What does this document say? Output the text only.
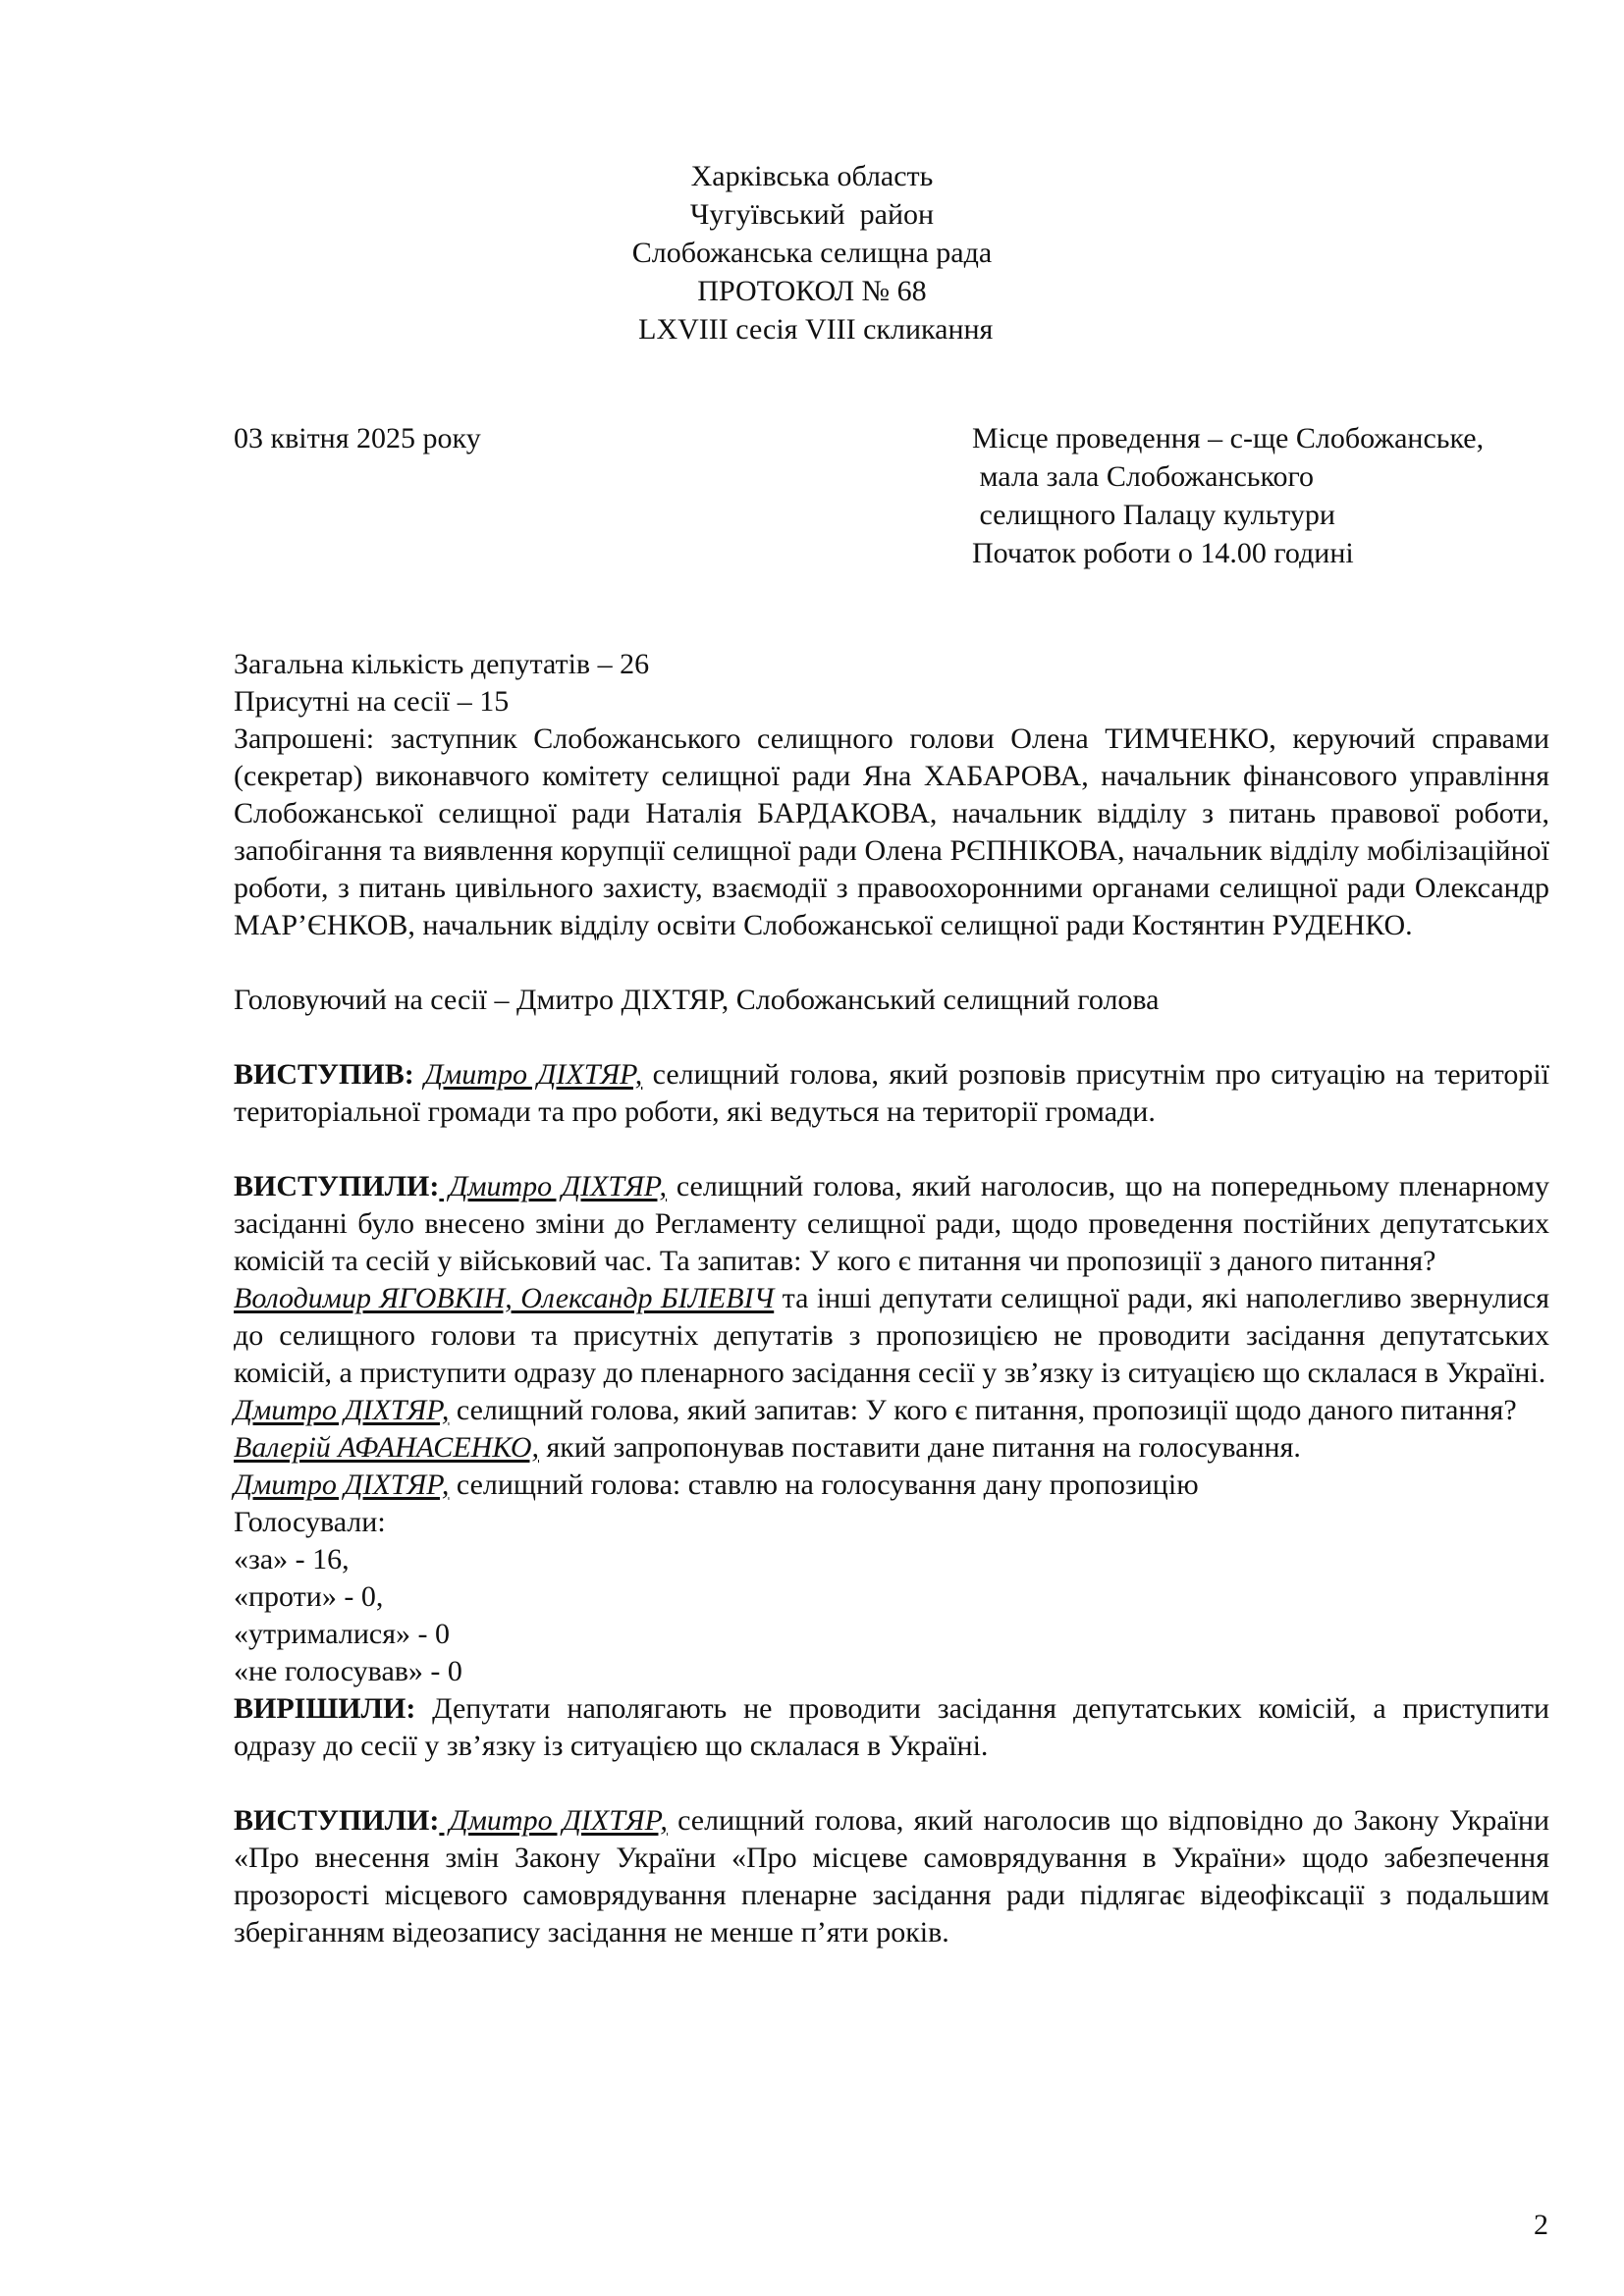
Харківська область
Чугуївський  район
Слобожанська селищна рада
ПРОТОКОЛ № 68
LXVIII сесія VIII скликання
03 квітня 2025 року	Місце проведення – с-ще Слобожанське,
мала зала Слобожанського
селищного Палацу культури
Початок роботи о 14.00 годині

Загальна кількість депутатів – 26

Присутні на сесії – 15

Запрошені: заступник Слобожанського селищного голови Олена ТИМЧЕНКО, керуючий справами (секретар) виконавчого комітету селищної ради Яна ХАБАРОВА, начальник фінансового управління Слобожанської селищної ради Наталія БАРДАКОВА, начальник відділу з питань правової роботи, запобігання та виявлення корупції селищної ради Олена РЄПНІКОВА, начальник відділу мобілізаційної роботи, з питань цивільного захисту, взаємодії з правоохоронними органами селищної ради Олександр МАР’ЄНКОВ, начальник відділу освіти Слобожанської селищної ради Костянтин РУДЕНКО.

Головуючий на сесії – Дмитро ДІХТЯР, Слобожанський селищний голова

ВИСТУПИВ: Дмитро ДІХТЯР, селищний голова, який розповів присутнім про ситуацію на території територіальної громади та про роботи, які ведуться на території громади.

ВИСТУПИЛИ: Дмитро ДІХТЯР, селищний голова, який наголосив, що на попередньому пленарному засіданні було внесено зміни до Регламенту селищної ради, щодо проведення постійних депутатських комісій та сесій у військовий час. Та запитав: У кого є питання чи пропозиції з даного питання?

Володимир ЯГОВКІН, Олександр БІЛЕВІЧ та інші депутати селищної ради, які наполегливо звернулися до селищного голови та присутніх депутатів з пропозицією не проводити засідання депутатських комісій, а приступити одразу до пленарного засідання сесії у зв’язку із ситуацією що склалася в Україні.

Дмитро ДІХТЯР, селищний голова, який запитав: У кого є питання, пропозиції щодо даного питання?

Валерій АФАНАСЕНКО, який запропонував поставити дане питання на голосування.

Дмитро ДІХТЯР, селищний голова: ставлю на голосування дану пропозицію

Голосували:

«за» - 16,

«проти» - 0,

«утрималися» - 0

«не голосував» - 0

ВИРІШИЛИ: Депутати наполягають не проводити засідання депутатських комісій, а приступити одразу до сесії у зв’язку із ситуацією що склалася в Україні.

ВИСТУПИЛИ: Дмитро ДІХТЯР, селищний голова, який наголосив що відповідно до Закону України «Про внесення змін Закону України «Про місцеве самоврядування в України» щодо забезпечення прозорості місцевого самоврядування пленарне засідання ради підлягає відеофіксації з подальшим зберіганням відеозапису засідання не менше п’яти років.

2
